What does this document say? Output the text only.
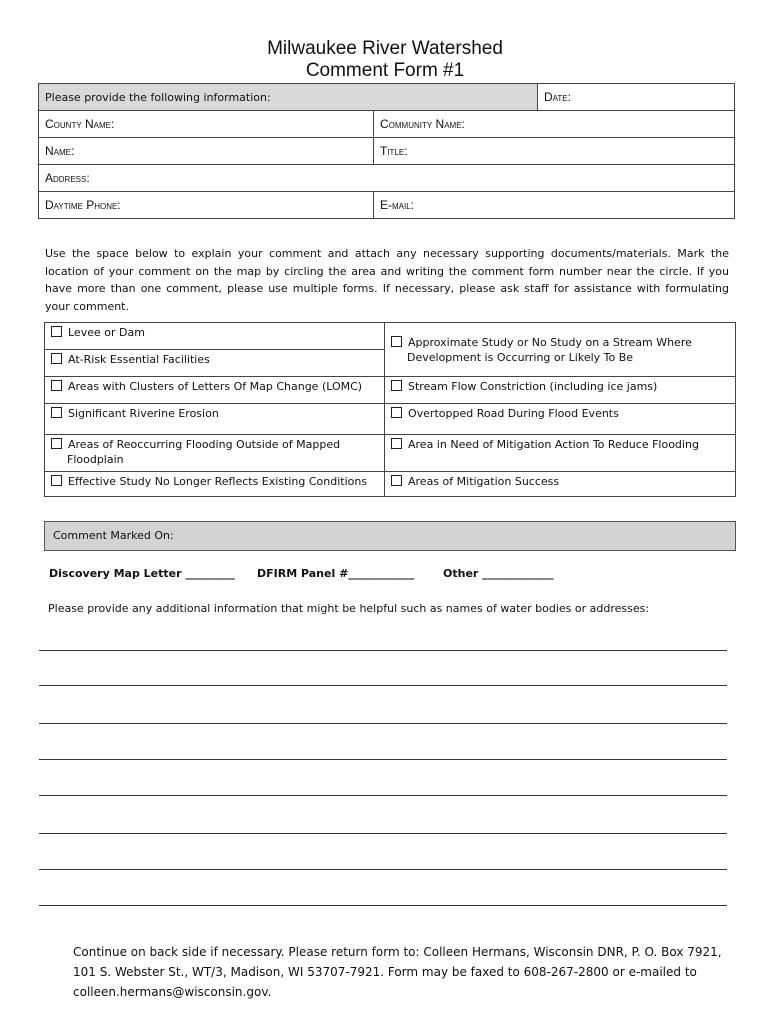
Milwaukee River Watershed
Comment Form #1
Please provide the following information:		Date:
County Name:	Community Name:	
Name:	Title:	
Address:		
Daytime Phone:	E-mail:	
Use the space below to explain your comment and attach any necessary supporting documents/materials. Mark the location of your comment on the map by circling the area and writing the comment form number near the circle. If you have more than one comment, please use multiple forms. If necessary, please ask staff for assistance with formulating your comment.
Levee or Dam	Approximate Study or No Study on a Stream Where
Development is Occurring or Likely To Be

At-Risk Essential Facilities	
Areas with Clusters of Letters Of Map Change (LOMC)	Stream Flow Constriction (including ice jams)
Significant Riverine Erosion	Overtopped Road During Flood Events

Areas of Reoccurring Flooding Outside of Mapped
Floodplain	Area in Need of Mitigation Action To Reduce Flooding
Effective Study No Longer Reflects Existing Conditions	Areas of Mitigation Success
Comment Marked On:
Discovery Map Letter _________ DFIRM Panel #____________	Other _____________
Please provide any additional information that might be helpful such as names of water bodies or addresses:
Continue on back side if necessary. Please return form to: Colleen Hermans, Wisconsin DNR, P. O. Box 7921, 101 S. Webster St., WT/3, Madison, WI 53707-7921. Form may be faxed to 608-267-2800 or e-mailed to colleen.hermans@wisconsin.gov.
